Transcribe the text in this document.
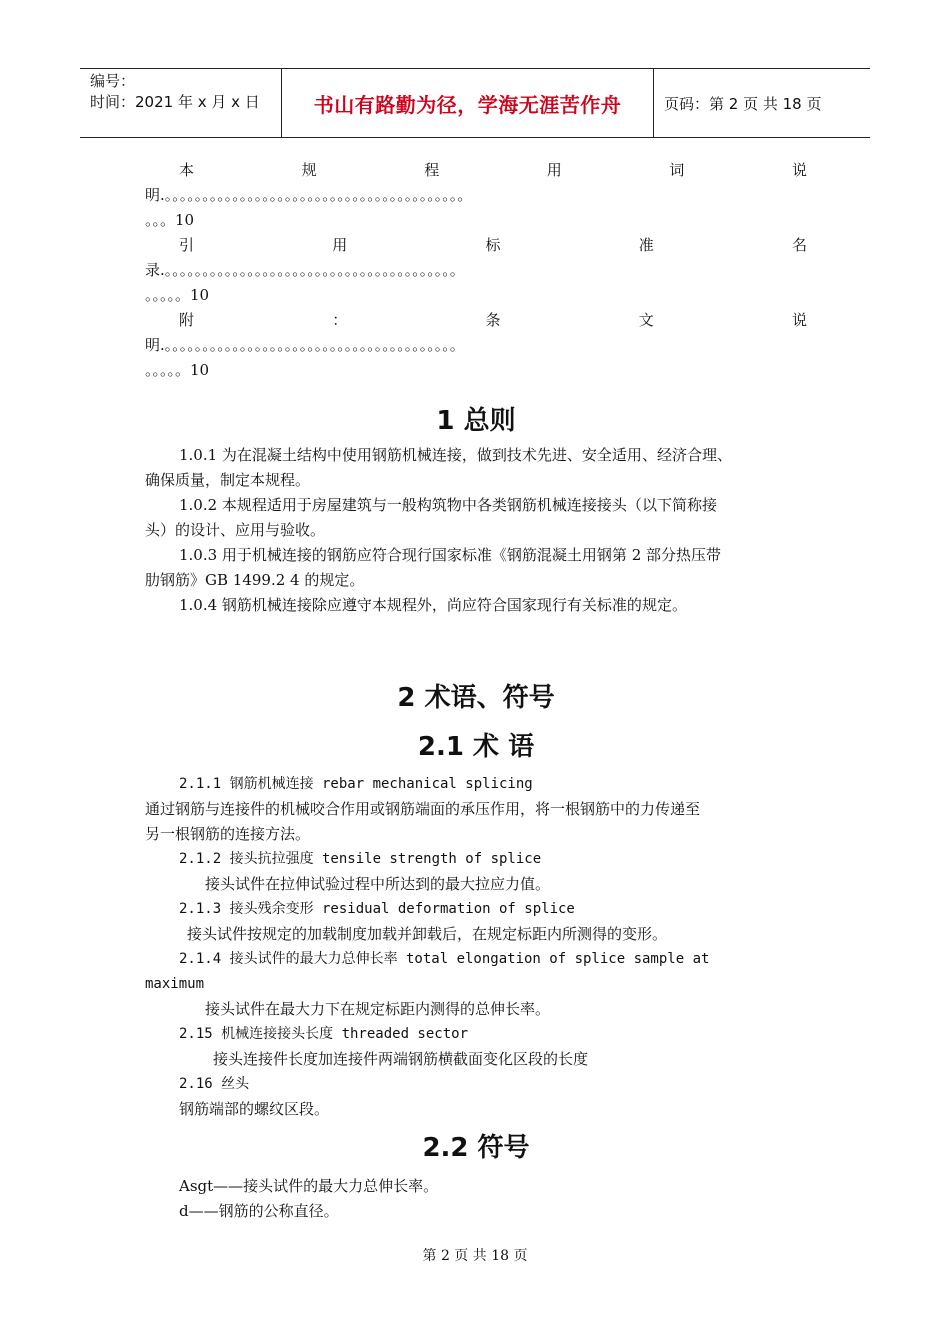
编号：
时间：2021 年 x 月 x 日	书山有路勤为径，学海无涯苦作舟	页码：第 2 页 共 18 页
本	规	程	用	词	说
明.。。。。。。。。。。。。。。。。。。。。。。。。。。。。。。。。。。。。。。。。
。。。10
引	用	标	准	名
录.。。。。。。。。。。。。。。。。。。。。。。。。。。。。。。。。。。。。。。。
。。。。。10
附	：	条	文	说
明.。。。。。。。。。。。。。。。。。。。。。。。。。。。。。。。。。。。。。。。
。。。。。10
1 总则
1.0.1 为在混凝土结构中使用钢筋机械连接，做到技术先进、安全适用、经济合理、
确保质量，制定本规程。
1.0.2 本规程适用于房屋建筑与一般构筑物中各类钢筋机械连接接头（以下简称接
头）的设计、应用与验收。
1.0.3 用于机械连接的钢筋应符合现行国家标准《钢筋混凝土用钢第 2 部分热压带
肋钢筋》GB 1499.2 4 的规定。
1.0.4 钢筋机械连接除应遵守本规程外，尚应符合国家现行有关标准的规定。
2 术语、符号
2.1 术 语
2.1.1 钢筋机械连接 rebar mechanical splicing
通过钢筋与连接件的机械咬合作用或钢筋端面的承压作用，将一根钢筋中的力传递至
另一根钢筋的连接方法。
2.1.2 接头抗拉强度 tensile strength of splice
接头试件在拉伸试验过程中所达到的最大拉应力值。
2.1.3 接头残余变形 residual deformation of splice
接头试件按规定的加载制度加载并卸载后，在规定标距内所测得的变形。
2.1.4 接头试件的最大力总伸长率 total elongation of splice sample at
maximum
接头试件在最大力下在规定标距内测得的总伸长率。
2.15 机械连接接头长度 threaded sector
接头连接件长度加连接件两端钢筋横截面变化区段的长度
2.16 丝头
钢筋端部的螺纹区段。
2.2 符号
Asgt——接头试件的最大力总伸长率。
d——钢筋的公称直径。
第 2 页 共 18 页
